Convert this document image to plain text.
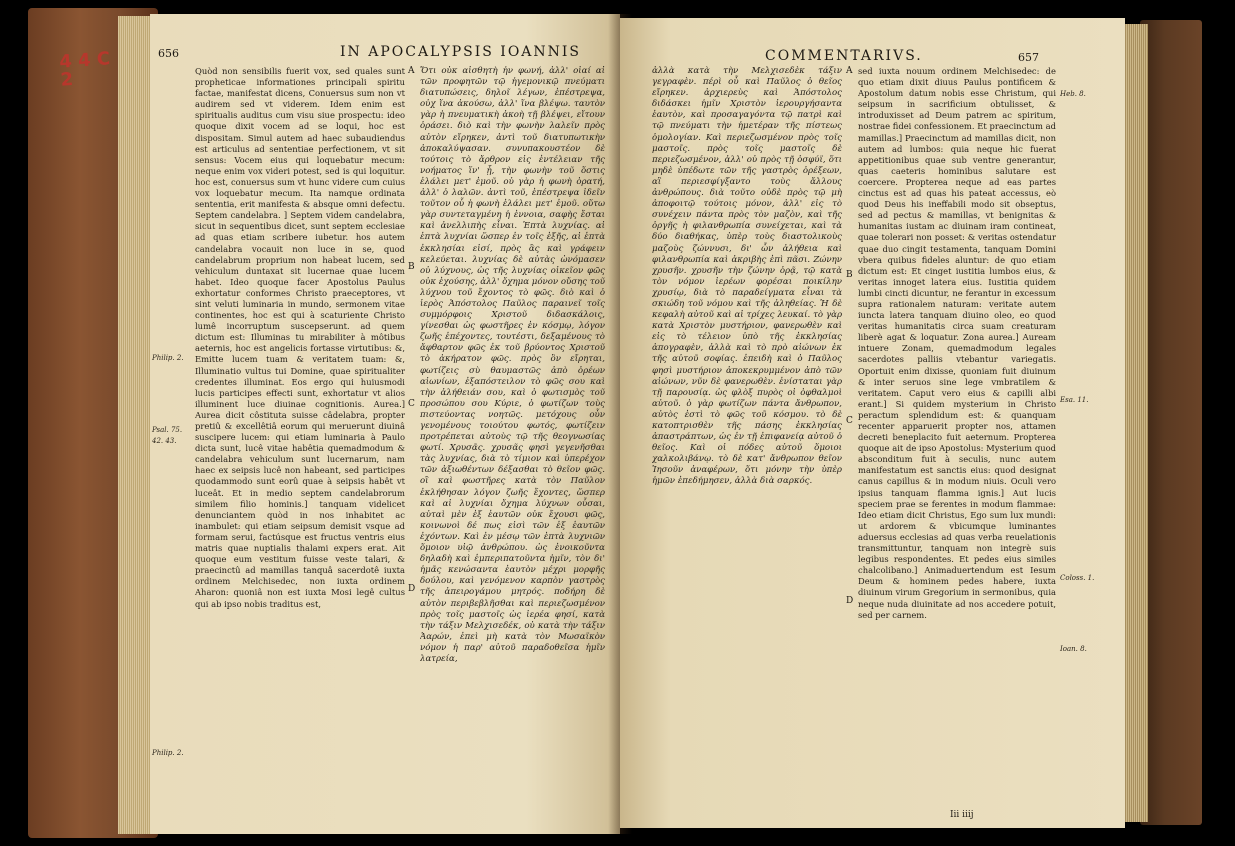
4 4 C
2
656	IN APOCALYPSIS IOANNIS
Philip. 2.
Psal. 75.
42. 43.
Philip. 2.

Quòd non sensibilis fuerit vox, sed quales sunt propheticae informationes principali spiritu factae, manifestat dicens, Conuersus sum non vt audirem sed vt viderem. Idem enim est spiritualis auditus cum visu siue prospectu: ideo quoque dixit vocem ad se loqui, hoc est dispositam. Simul autem ad haec subaudiendus est articulus ad sententiae perfectionem, vt sit sensus: Vocem eius qui loquebatur mecum: neque enim vox videri potest, sed is qui loquitur. hoc est, conuersus sum vt hunc videre cum cuius vox loquebatur mecum. Ita namque ordinata sententia, erit manifesta & absque omni defectu. Septem candelabra. ] Septem videm candelabra, sicut in sequentibus dicet, sunt septem ecclesiae ad quas etiam scribere iubetur. hos autem candelabra vocauit non luce in se, quod candelabrum proprium non habeat lucem, sed vehiculum duntaxat sit lucernae quae lucem habet. Ideo quoque facer Apostolus Paulus exhortatur conformes Christo praeceptores, vt sint veluti luminaria in mundo, sermonem vitae continentes, hoc est qui à scaturiente Christo lumê incorruptum suscepserunt. ad quem dictum est: Illuminas tu mirabiliter à môtibus aeternis, hoc est angelicis fortasse virtutibus: &, Emitte lucem tuam & veritatem tuam: &, Illuminatio vultus tui Domine, quae spiritualiter credentes illuminat. Eos ergo qui huiusmodi lucis participes effecti sunt, exhortatur vt alios illuminent luce diuinae cognitionis. Aurea.] Aurea dicit côstituta suisse câdelabra, propter pretiû & excellêtiâ eorum qui meruerunt diuinâ suscipere lucem: qui etiam luminaria à Paulo dicta sunt, lucê vitae habêtia quemadmodum & candelabra vehiculum sunt lucernarum, nam haec ex seipsis lucê non habeant, sed participes quodammodo sunt eorû quae à seipsis habêt vt luceât. Et in medio septem candelabrorum similem filio hominis.] tanquam videlicet denunciantem quòd in nos inhabitet ac inambulet: qui etiam seipsum demisit vsque ad formam serui, factúsque est fructus ventris eius matris quae nuptialis thalami expers erat. Ait quoque eum vestitum fuisse veste talari, & praecinctû ad mamillas tanquâ sacerdotê iuxta ordinem Melchisedec, non iuxta ordinem Aharon: quoniâ non est iuxta Mosi legê cultus qui ab ipso nobis traditus est,

A
B
C
D

Ὅτι οὐκ αἰσθητὴ ἦν φωνή, ἀλλ' οἷαί αἱ τῶν προφητῶν τῷ ἡγεμονικῷ πνεύματι διατυπώσεις, δηλοῖ λέγων, ἐπέστρεψα, οὐχ ἵνα ἀκούσω, ἀλλ' ἵνα βλέψω. ταυτὸν γὰρ ἡ πνευματικὴ ἀκοὴ τῇ βλέψει, εἴτουν ὁράσει. διὸ καὶ τὴν φωνὴν λαλεῖν πρὸς αὐτὸν εἴρηκεν, ἀντὶ τοῦ διατυπωτικὴν ἀποκαλύψασαν. συνυπακουστέον δὲ τούτοις τὸ ἄρθρον εἰς ἐντέλειαν τῆς νοήματος ἵν' ᾖ, τὴν φωνὴν τοῦ ὅστις ἐλάλει μετ' ἐμοῦ. οὐ γὰρ ἡ φωνὴ ὁρατή, ἀλλ' ὁ λαλῶν. ἀντὶ τοῦ, ἐπέστρεψα ἰδεῖν τοῦτον οὗ ἡ φωνὴ ἐλάλει μετ' ἐμοῦ. οὕτω γὰρ συντεταγμένη ἡ ἐννοια, σαφὴς ἔσται καὶ ἀνελλιπὴς εἶναι. Ἑπτὰ λυχνίας. αἱ ἑπτὰ λυχνίαι ὥσπερ ἐν τοῖς ἑξῆς, αἱ ἑπτὰ ἐκκλησίαι εἰσί, πρὸς ἃς καὶ γράφειν κελεύεται. λυχνίας δὲ αὐτὰς ὠνόμασεν οὐ λύχνους, ὡς τῆς λυχνίας οἰκεῖον φῶς οὐκ ἐχούσης, ἀλλ' ὄχημα μόνον οὔσης τοῦ λύχνου τοῦ ἔχοντος τὸ φῶς. διὸ καὶ ὁ ἱερὸς Ἀπόστολος Παῦλος παραινεῖ τοῖς συμμόρφοις Χριστοῦ διδασκάλοις, γίνεσθαι ὡς φωστῆρες ἐν κόσμῳ, λόγον ζωῆς ἐπέχοντες, τουτέστι, δεξαμένους τὸ ἄφθαρτον φῶς ἐκ τοῦ βρύοντος Χριστοῦ τὸ ἀκήρατον φῶς. πρὸς ὃν εἴρηται, φωτίζεις σὺ θαυμαστῶς ἀπὸ ὀρέων αἰωνίων, ἐξαπόστειλον τὸ φῶς σου καὶ τὴν ἀλήθειάν σου, καὶ ὁ φωτισμὸς τοῦ προσώπου σου Κύριε, ὁ φωτίζων τοὺς πιστεύοντας νοητῶς. μετόχους οὖν γενομένους τοιούτου φωτός, φωτίζειν προτρέπεται αὐτοὺς τῷ τῆς θεογνωσίας φωτί. Χρυσᾶς. χρυσᾶς φησὶ γεγενῆσθαι τὰς λυχνίας, διὰ τὸ τίμιον καὶ ὑπερέχον τῶν ἀξιωθέντων δέξασθαι τὸ θεῖον φῶς. οἳ καὶ φωστῆρες κατὰ τὸν Παῦλον ἐκλήθησαν λόγον ζωῆς ἔχοντες, ὥσπερ καὶ αἱ λυχνίαι ὄχημα λύχνων οὖσαι, αὐταὶ μὲν ἐξ ἑαυτῶν οὐκ ἔχουσι φῶς, κοινωνοὶ δέ πως εἰσὶ τῶν ἐξ ἑαυτῶν ἐχόντων. Καὶ ἐν μέσῳ τῶν ἑπτὰ λυχνιῶν ὅμοιον υἱῷ ἀνθρώπου. ὡς ἐνοικοῦντα δηλαδὴ καὶ ἐμπεριπατοῦντα ἡμῖν, τὸν δι' ἡμᾶς κενώσαντα ἑαυτὸν μέχρι μορφῆς δούλου, καὶ γενόμενον καρπὸν γαστρὸς τῆς ἀπειρογάμου μητρός. ποδήρη δὲ αὐτὸν περιβεβλῆσθαι καὶ περιεζωσμένον πρὸς τοῖς μαστοῖς ὡς ἱερέα φησί, κατὰ τὴν τάξιν Μελχισεδέκ, οὐ κατὰ τὴν τάξιν Ἀαρών, ἐπεὶ μὴ κατὰ τὸν Μωσαϊκὸν νόμον ἡ παρ' αὐτοῦ παραδοθεῖσα ἡμῖν λατρεία,

COMMENTARIVS.	657

ἀλλὰ κατὰ τὴν Μελχισεδὲκ τάξιν γεγραφὲν. πέρὶ οὗ καὶ Παῦλος ὁ θεῖος εἴρηκεν. ἀρχιερεὺς καὶ Ἀπόστολος διδάσκει ἡμῖν Χριστὸν ἱερουργήσαντα ἑαυτὸν, καὶ προσαγαγόντα τῷ πατρὶ καὶ τῷ πνεύματι τὴν ἡμετέραν τῆς πίστεως ὁμολογίαν. Καὶ περιεζωσμένον πρὸς τοῖς μαστοῖς. πρὸς τοῖς μαστοῖς δὲ περιεζωσμένον, ἀλλ' οὐ πρὸς τῇ ὀσφύϊ, ὅτι μηδὲ ὑπέδωτε τῶν τῆς γαστρὸς ὀρέξεων, αἳ περιεσφίγξαντο τοὺς ἄλλους ἀνθρώπους. διὰ τοῦτο οὐδὲ πρὸς τῷ μὴ ἀποφοιτῷ τούτοις μόνον, ἀλλ' εἰς τὸ συνέχειν πάντα πρὸς τὸν μαζὸν, καὶ τῆς ὀργῆς ἡ φιλανθρωπία συνείχεται, καὶ τὰ δύο διαθήκας, ὑπὲρ τοὺς διαστολικοὺς μαζοὺς ζώννυσι, δι' ὧν ἀλήθεια καὶ φιλανθρωπία καὶ ἀκριβὴς ἐπὶ πᾶσι. Ζώνην χρυσῆν. χρυσῆν τὴν ζώνην ὁρᾷ, τῷ κατὰ τὸν νόμον ἱερέων φορέσαι ποικίλην χρυσίῳ, διὰ τὸ παραδείγματα εἶναι τὰ σκιώδη τοῦ νόμου καὶ τῆς ἀληθείας. Ἡ δὲ κεφαλὴ αὐτοῦ καὶ αἱ τρίχες λευκαί. τὸ γὰρ κατὰ Χριστὸν μυστήριον, φανερωθὲν καὶ εἰς τὸ τέλειον ὑπὸ τῆς ἐκκλησίας ἀπογραφὲν, ἀλλὰ καὶ τὸ πρὸ αἰώνων ἐκ τῆς αὐτοῦ σοφίας. ἐπειδὴ καὶ ὁ Παῦλος φησὶ μυστήριον ἀποκεκρυμμένον ἀπὸ τῶν αἰώνων, νῦν δὲ φανερωθὲν. ἐνίσταται γὰρ τῇ παρουσίᾳ. ὡς φλὸξ πυρὸς οἱ ὀφθαλμοὶ αὐτοῦ. ὁ γὰρ φωτίζων πάντα ἄνθρωπον, αὐτὸς ἐστὶ τὸ φῶς τοῦ κόσμου. τὸ δὲ κατοπτρισθὲν τῆς πάσης ἐκκλησίας ἀπαστράπτων, ὡς ἐν τῇ ἐπιφανείᾳ αὐτοῦ ὁ θεῖος. Καὶ οἱ πόδες αὐτοῦ ὅμοιοι χαλκολιβάνῳ. τὸ δὲ κατ' ἄνθρωπον θεῖον Ἰησοῦν ἀναφέρων, ὅτι μόνην τὴν ὑπὲρ ἡμῶν ἐπεδήμησεν, ἀλλὰ διὰ σαρκός.

A
B
C
D

sed iuxta nouum ordinem Melchisedec: de quo etiam dixit diuus Paulus pontificem & Apostolum datum nobis esse Christum, qui seipsum in sacrificium obtulisset, & introduxisset ad Deum patrem ac spiritum, nostrae fidei confessionem. Et praecinctum ad mamillas.] Praecinctum ad mamillas dicit, non autem ad lumbos: quia neque hic fuerat appetitionibus quae sub ventre generantur, quas caeteris hominibus salutare est coercere. Propterea neque ad eas partes cinctus est ad quas his pateat accessus, eò quod Deus his ineffabili modo sit obseptus, sed ad pectus & mamillas, vt benignitas & humanitas iustam ac diuinam iram contineat, quae tolerari non posset: & veritas ostendatur quae duo cingit testamenta, tanquam Domini vbera quibus fideles aluntur: de quo etiam dictum est: Et cinget iustitia lumbos eius, & veritas innoget latera eius. Iustitia quidem lumbi cincti dicuntur, ne ferantur in excessum supra rationalem naturam: veritate autem iuncta latera tanquam diuino oleo, eo quod veritas humanitatis circa suam creaturam liberè agat & loquatur. Zona aurea.] Auream intuere Zonam, quemadmodum legales sacerdotes palliis vtebantur variegatis. Oportuit enim dixisse, quoniam fuit diuinum & inter seruos sine lege vmbratilem & veritatem. Caput vero eius & capilli albi erant.] Si quidem mysterium in Christo peractum splendidum est: & quanquam recenter apparuerit propter nos, attamen decreti beneplacito fuit aeternum. Propterea quoque ait de ipso Apostolus: Mysterium quod absconditum fuit à seculis, nunc autem manifestatum est sanctis eius: quod designat canus capillus & in modum niuis. Oculi vero ipsius tanquam flamma ignis.] Aut lucis speciem prae se ferentes in modum flammae: Ideo etiam dicit Christus, Ego sum lux mundi: ut ardorem & vbicumque luminantes aduersus ecclesias ad quas verba reuelationis transmittuntur, tanquam non integrè suis legibus respondentes. Et pedes eius similes chalcolibano.] Animaduertendum est Iesum Deum & hominem pedes habere, iuxta diuinum virum Gregorium in sermonibus, quia neque nuda diuinitate ad nos accedere potuit, sed per carnem.

Heb. 8.
Esa. 11.
Coloss. 1.
Ioan. 8.
Iii iiij
